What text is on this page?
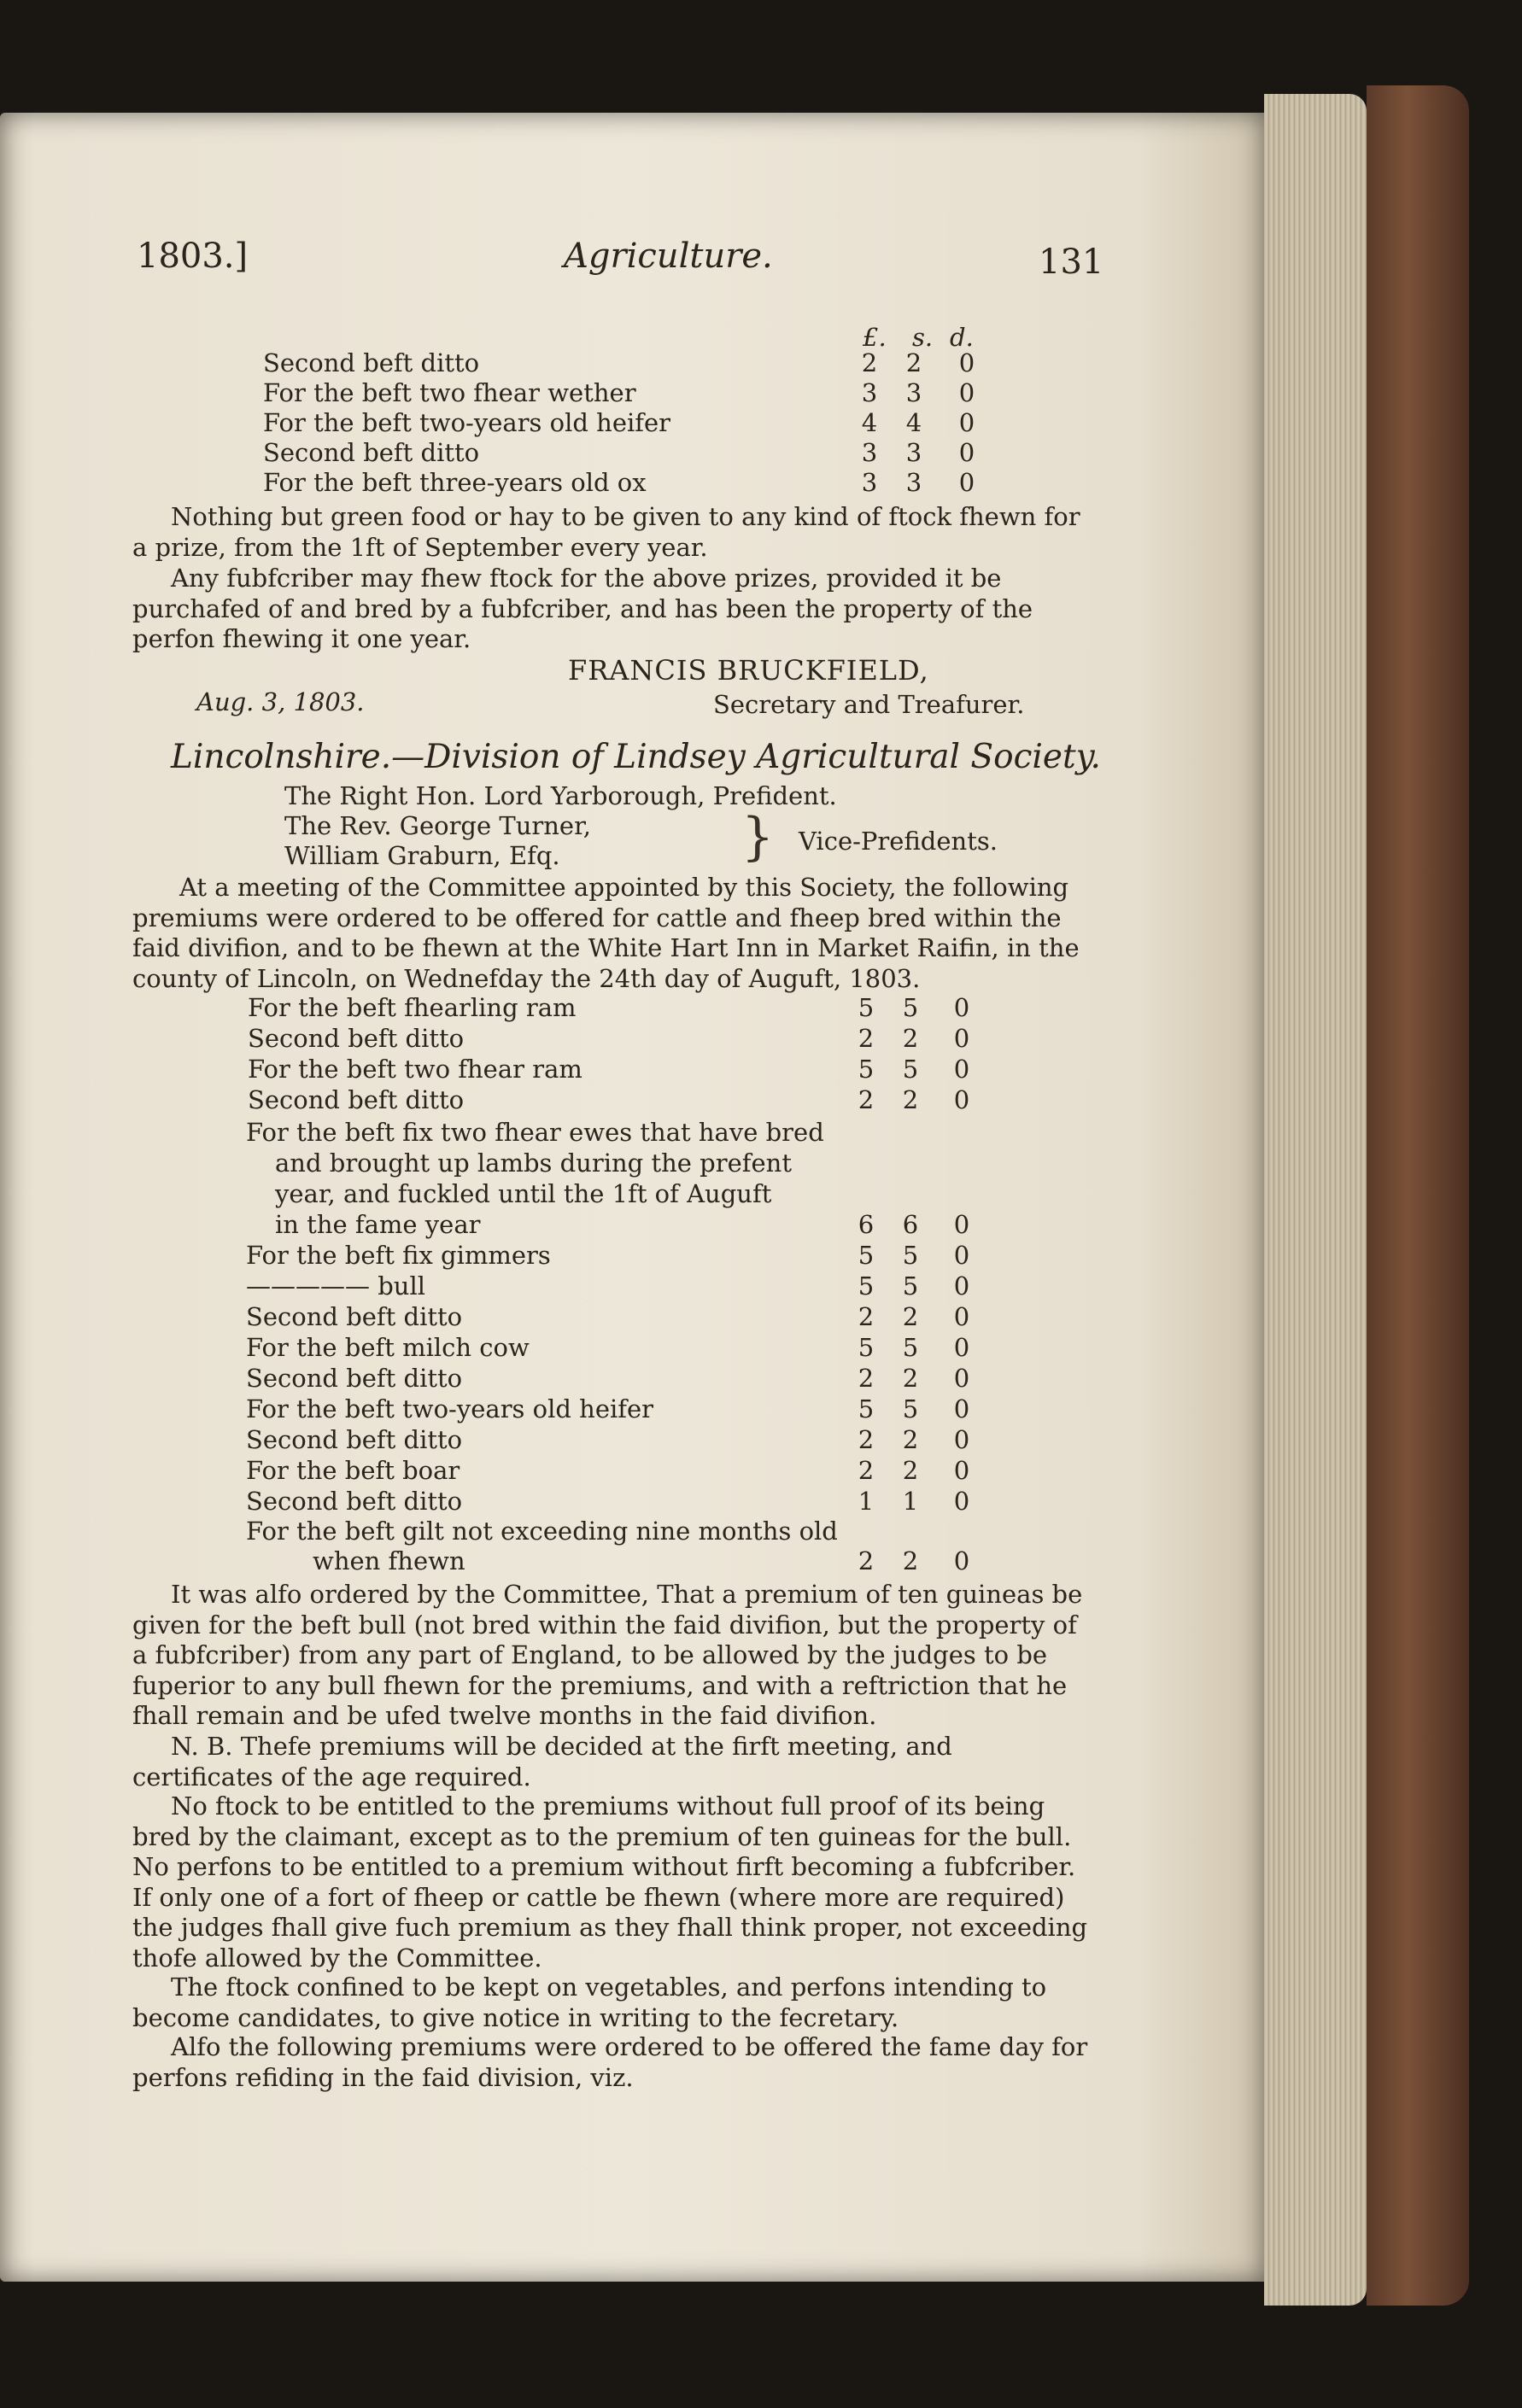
1803.]	Agriculture.	131
£. s. d.
Nothing but green food or hay to be given to any kind of ftock fhewn for a prize, from the 1ft of September every year.
Any fubfcriber may fhew ftock for the above prizes, provided it be purchafed of and bred by a fubfcriber, and has been the property of the perfon fhewing it one year.
FRANCIS BRUCKFIELD,
Aug. 3, 1803.	Secretary and Treafurer.
Lincolnshire.—Division of Lindsey Agricultural Society.
The Right Hon. Lord Yarborough, Prefident.
The Rev. George Turner,
William Graburn, Efq.	} Vice-Prefidents.
At a meeting of the Committee appointed by this Society, the following premiums were ordered to be offered for cattle and fheep bred within the faid divifion, and to be fhewn at the White Hart Inn in Market Raifin, in the county of Lincoln, on Wednefday the 24th day of Auguft, 1803.
It was alfo ordered by the Committee, That a premium of ten guineas be given for the beft bull (not bred within the faid divifion, but the property of a fubfcriber) from any part of England, to be allowed by the judges to be fuperior to any bull fhewn for the premiums, and with a reftriction that he fhall remain and be ufed twelve months in the faid divifion.
N. B. Thefe premiums will be decided at the firft meeting, and certificates of the age required.
No ftock to be entitled to the premiums without full proof of its being bred by the claimant, except as to the premium of ten guineas for the bull. No perfons to be entitled to a premium without firft becoming a fubfcriber. If only one of a fort of fheep or cattle be fhewn (where more are required) the judges fhall give fuch premium as they fhall think proper, not exceeding thofe allowed by the Committee.
The ftock confined to be kept on vegetables, and perfons intending to become candidates, to give notice in writing to the fecretary.
Alfo the following premiums were ordered to be offered the fame day for perfons refiding in the faid division, viz.
Second beft ditto	2	2	0
For the beft two fhear wether	3	3	0
For the beft two-years old heifer	4	4	0
Second beft ditto	3	3	0
For the beft three-years old ox	3	3	0
For the beft fhearling ram	5	5	0
Second beft ditto	2	2	0
For the beft two fhear ram	5	5	0
Second beft ditto	2	2	0
For the beft fix two fhear ewes that have bred
and brought up lambs during the prefent
year, and fuckled until the 1ft of Auguft
in the fame year	6	6	0
For the beft fix gimmers	5	5	0
————— bull	5	5	0
Second beft ditto	2	2	0
For the beft milch cow	5	5	0
Second beft ditto	2	2	0
For the beft two-years old heifer	5	5	0
Second beft ditto	2	2	0
For the beft boar	2	2	0
Second beft ditto	1	1	0
For the beft gilt not exceeding nine months old
when fhewn	2	2	0
